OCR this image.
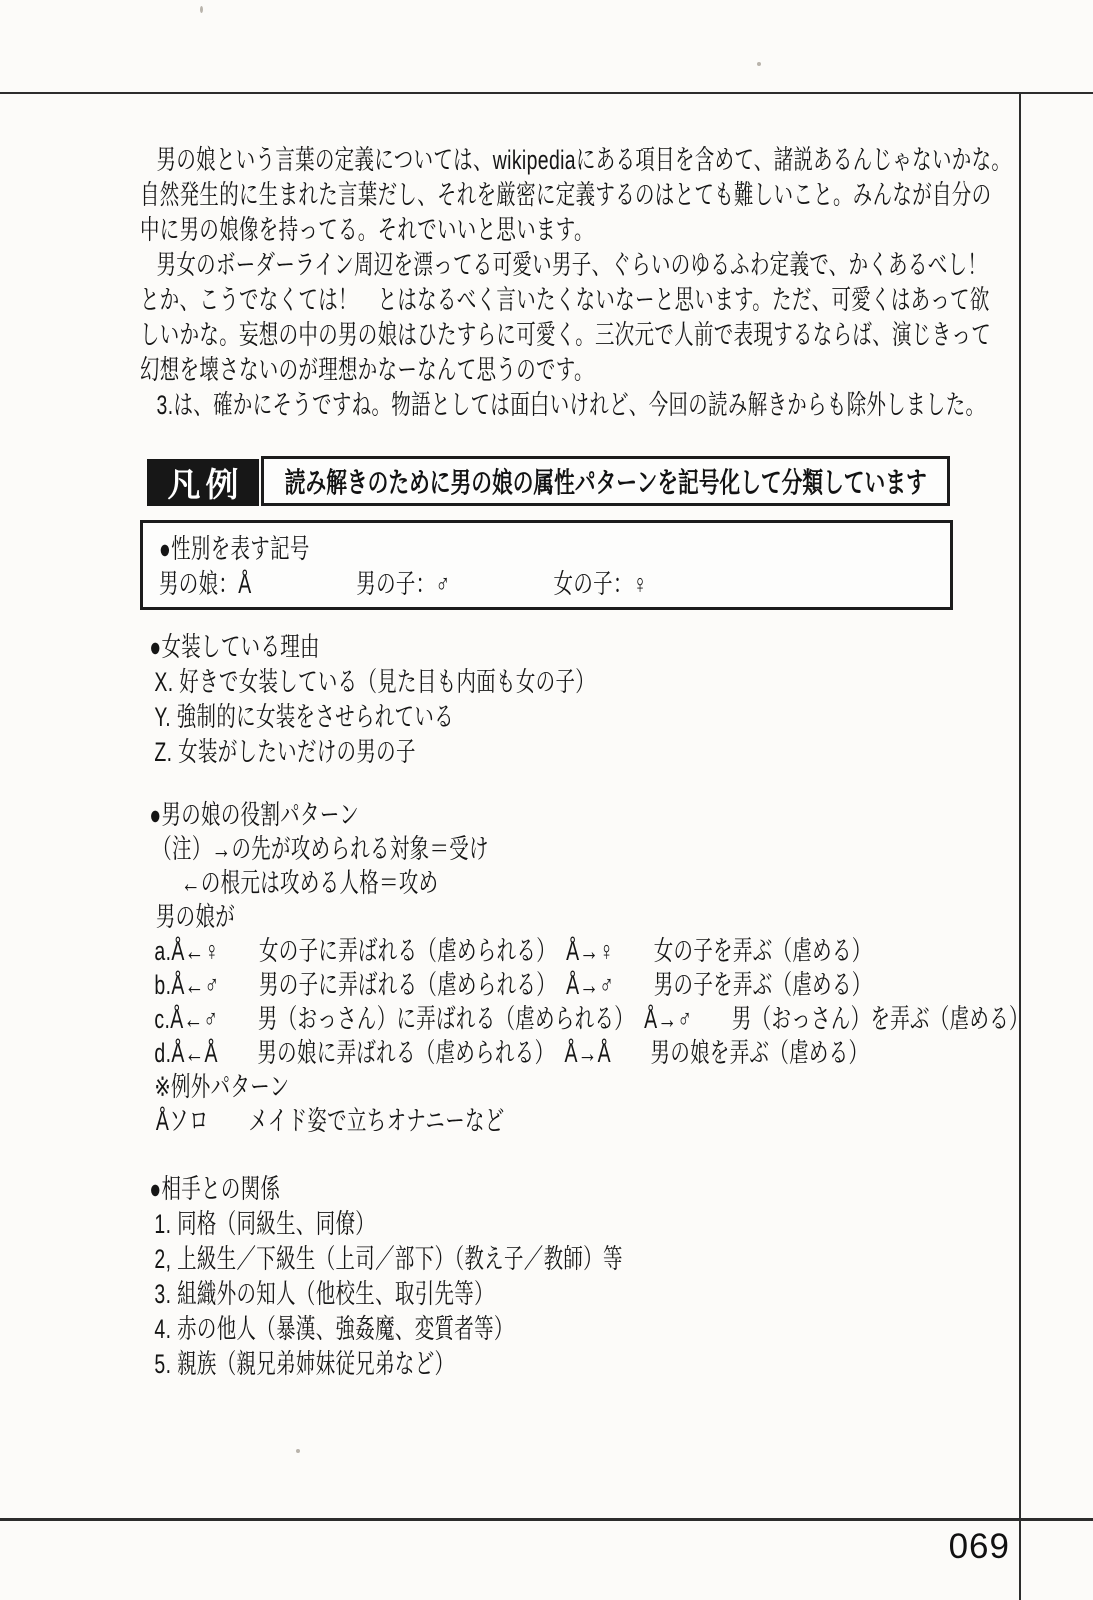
男の娘という言葉の定義については、wikipediaにある項目を含めて、諸説あるんじゃないかな。
自然発生的に生まれた言葉だし、それを厳密に定義するのはとても難しいこと。みんなが自分の
中に男の娘像を持ってる。それでいいと思います。
男女のボーダーライン周辺を漂ってる可愛い男子、ぐらいのゆるふわ定義で、かくあるべし！
とか、こうでなくては！　とはなるべく言いたくないなーと思います。ただ、可愛くはあって欲
しいかな。妄想の中の男の娘はひたすらに可愛く。三次元で人前で表現するならば、演じきって
幻想を壊さないのが理想かなーなんて思うのです。
3.は、確かにそうですね。物語としては面白いけれど、今回の読み解きからも除外しました。
凡例 読み解きのために男の娘の属性パターンを記号化して分類しています
●性別を表す記号
男の娘：Å	男の子：♂	女の子：♀
●女装している理由
X. 好きで女装している（見た目も内面も女の子）
Y. 強制的に女装をさせられている
Z. 女装がしたいだけの男の子
●男の娘の役割パターン
（注）→の先が攻められる対象＝受け
←の根元は攻める人格＝攻め
男の娘が
a.Å←♀　　女の子に弄ばれる（虐められる）　Å→♀　　女の子を弄ぶ（虐める）
b.Å←♂　　男の子に弄ばれる（虐められる）　Å→♂　　男の子を弄ぶ（虐める）
c.Å←♂　　男（おっさん）に弄ばれる（虐められる）　Å→♂　　男（おっさん）を弄ぶ（虐める）
d.Å←Å　　男の娘に弄ばれる（虐められる）　Å→Å　　男の娘を弄ぶ（虐める）
※例外パターン
Åソロ　　メイド姿で立ちオナニーなど
●相手との関係
1. 同格（同級生、同僚）
2, 上級生／下級生（上司／部下）（教え子／教師）等
3. 組織外の知人（他校生、取引先等）
4. 赤の他人（暴漢、強姦魔、変質者等）
5. 親族（親兄弟姉妹従兄弟など）
069
